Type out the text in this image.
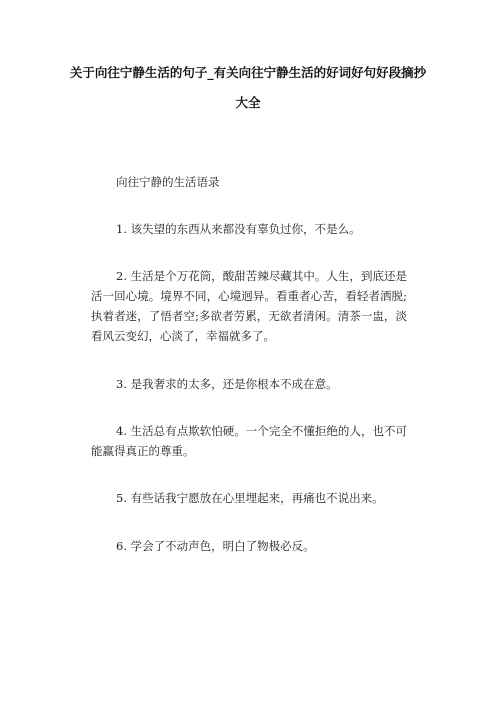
关于向往宁静生活的句子_有关向往宁静生活的好词好句好段摘抄大全

向往宁静的生活语录

1. 该失望的东西从来都没有辜负过你，不是么。

2. 生活是个万花筒，酸甜苦辣尽藏其中。人生，到底还是活一回心境。境界不同，心境迥异。看重者心苦，看轻者洒脱;执着者迷，了悟者空;多欲者劳累，无欲者清闲。清茶一盅，淡看风云变幻，心淡了，幸福就多了。

3. 是我奢求的太多，还是你根本不成在意。

4. 生活总有点欺软怕硬。一个完全不懂拒绝的人，也不可能赢得真正的尊重。

5. 有些话我宁愿放在心里埋起来，再痛也不说出来。

6. 学会了不动声色，明白了物极必反。
